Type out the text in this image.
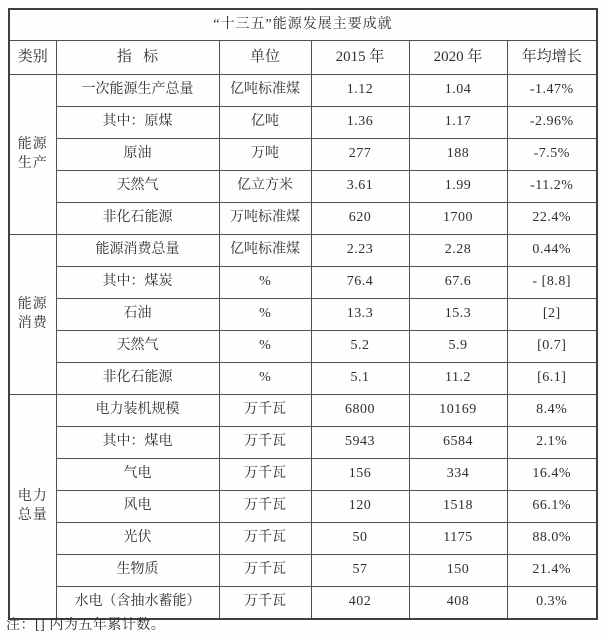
“十三五”能源发展主要成就					
类别	指   标	单位	2015 年	2020 年	年均增长
能源生产	一次能源生产总量	亿吨标准煤	1.12	1.04	-1.47%
	其中：原煤	亿吨	1.36	1.17	-2.96%
	原油	万吨	277	188	-7.5%
	天然气	亿立方米	3.61	1.99	-11.2%
	非化石能源	万吨标准煤	620	1700	22.4%
能源消费	能源消费总量	亿吨标准煤	2.23	2.28	0.44%
	其中：煤炭	%	76.4	67.6	- [8.8]
	石油	%	13.3	15.3	[2]
	天然气	%	5.2	5.9	[0.7]
	非化石能源	%	5.1	11.2	[6.1]
电力总量	电力装机规模	万千瓦	6800	10169	8.4%
	其中：煤电	万千瓦	5943	6584	2.1%
	气电	万千瓦	156	334	16.4%
	风电	万千瓦	120	1518	66.1%
	光伏	万千瓦	50	1175	88.0%
	生物质	万千瓦	57	150	21.4%
	水电（含抽水蓄能）	万千瓦	402	408	0.3%
注：[] 内为五年累计数。
